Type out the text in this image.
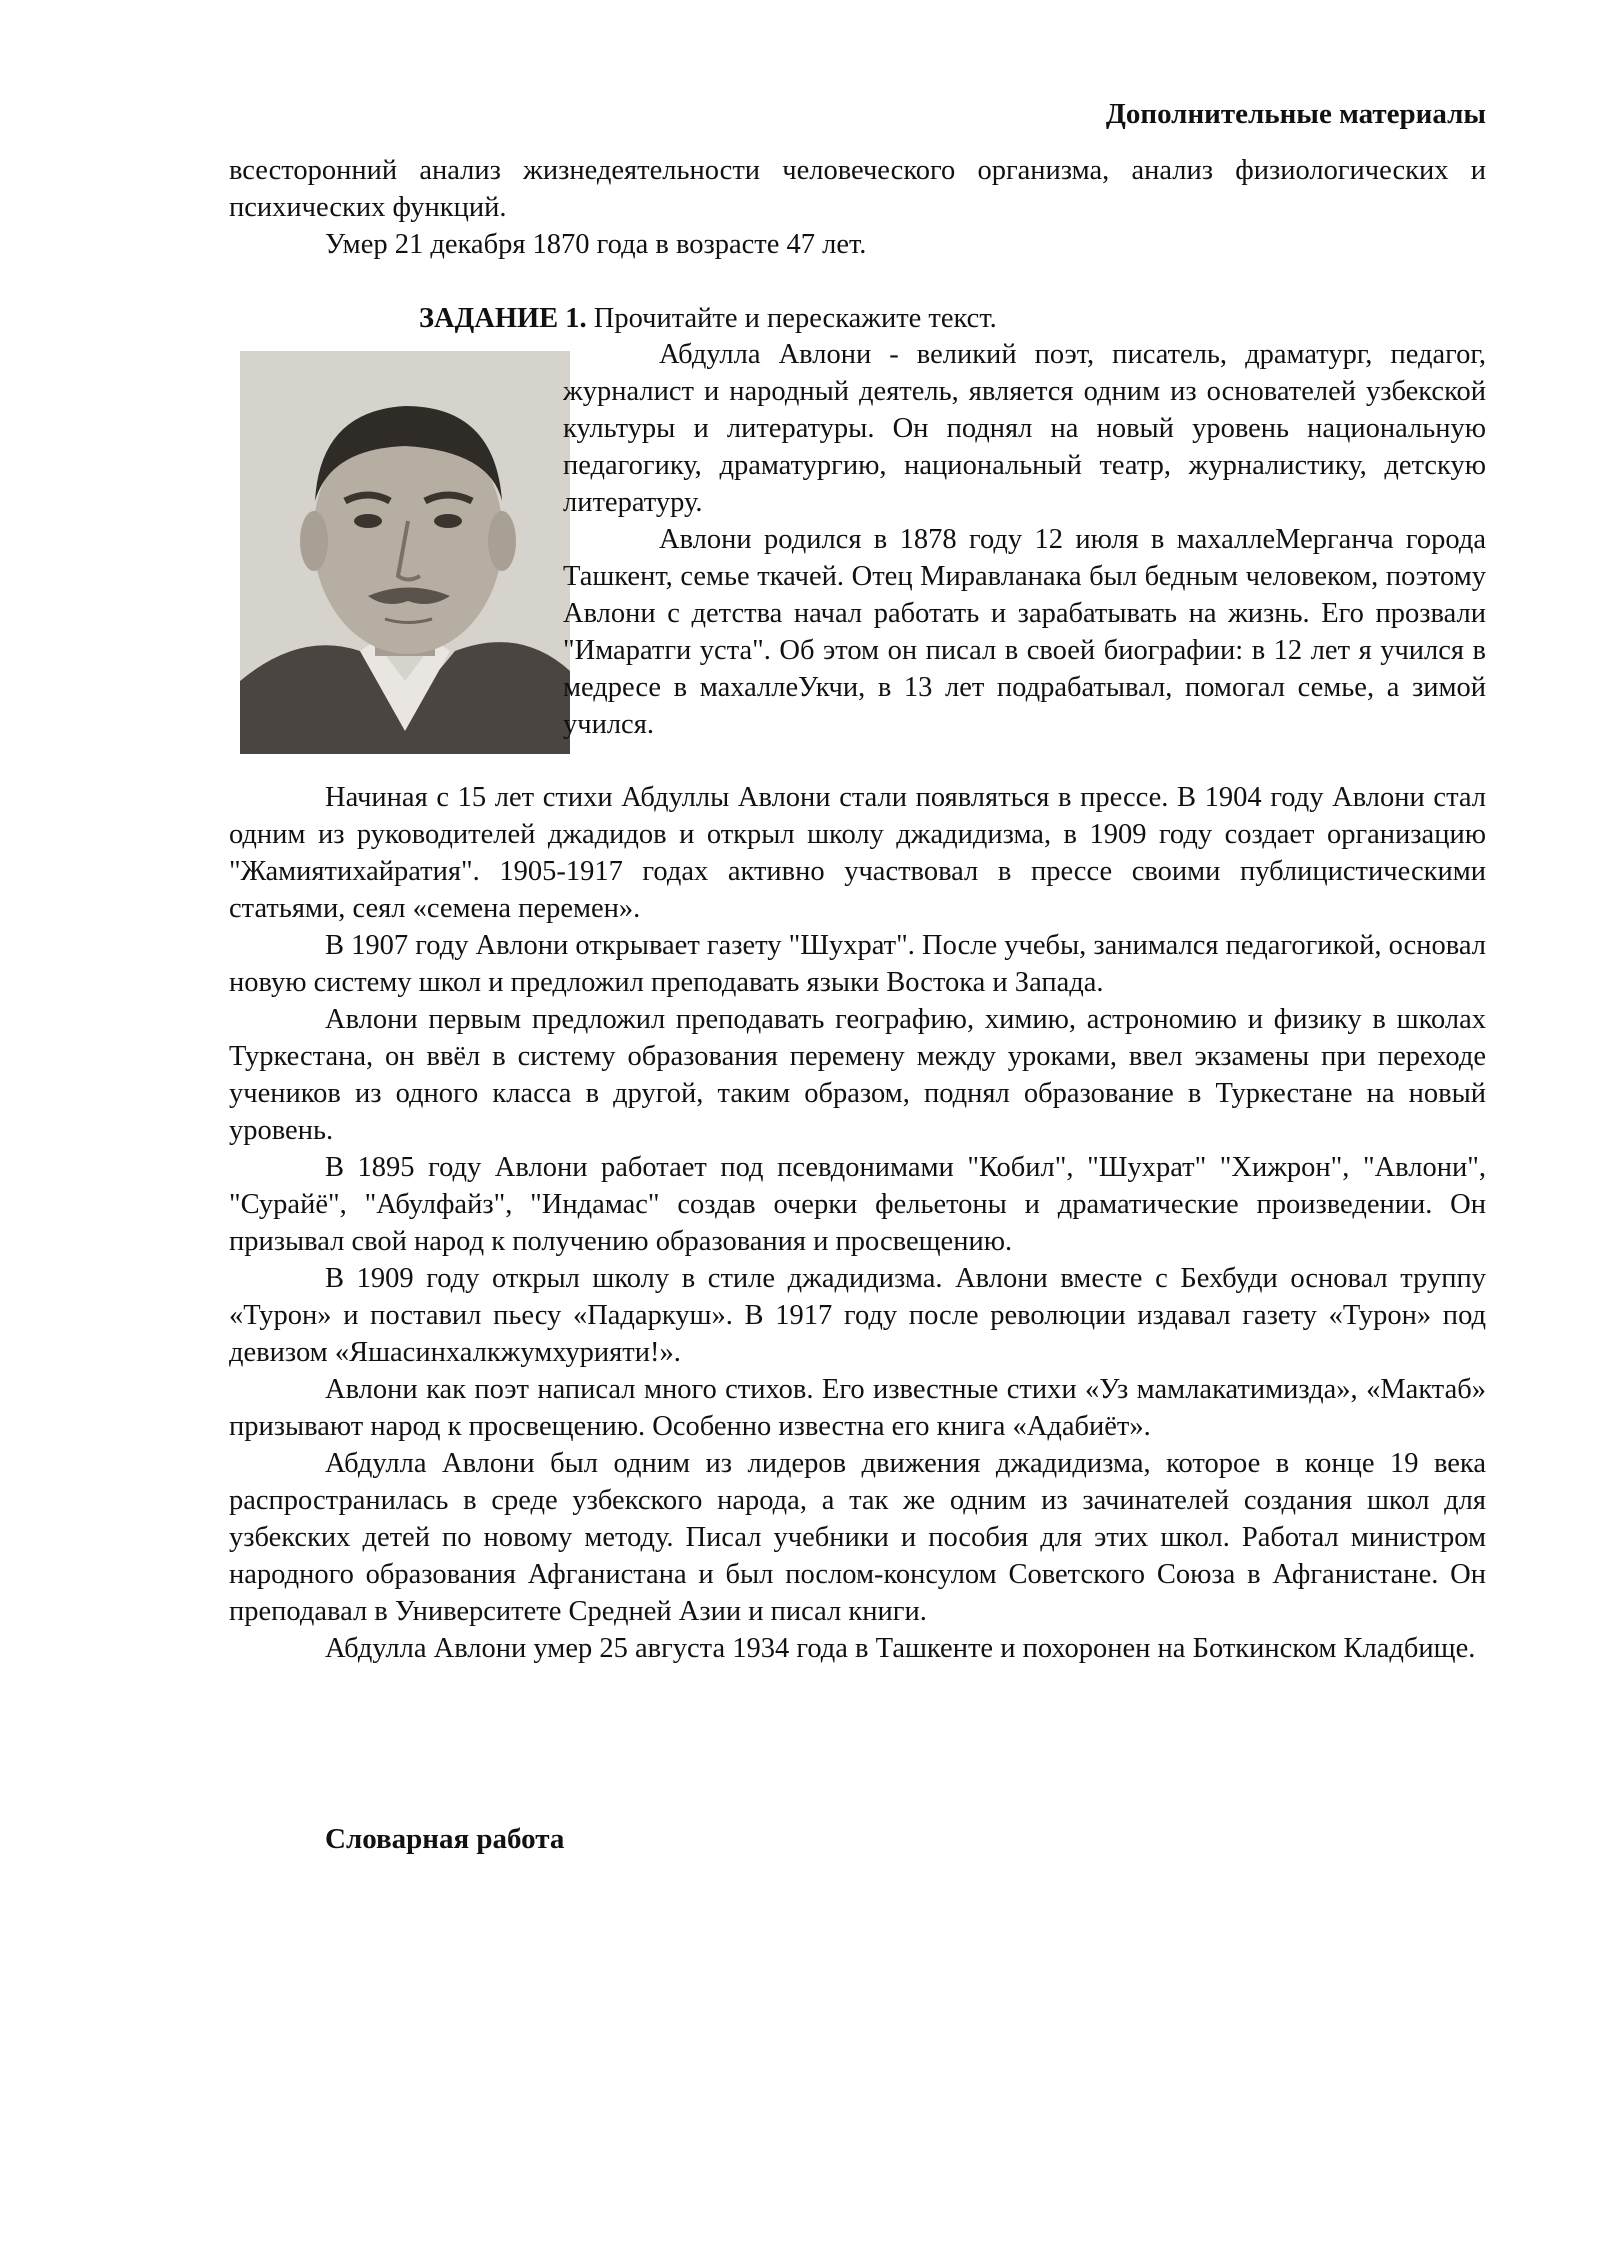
Дополнительные материалы

всесторонний анализ жизнедеятельности человеческого организма, анализ физиологических и психических функций.

Умер 21 декабря 1870 года в возрасте 47 лет.

ЗАДАНИЕ 1. Прочитайте и перескажите текст.

Абдулла Авлони - великий поэт, писатель, драматург, педагог, журналист и народный деятель, является одним из основателей узбекской культуры и литературы. Он поднял на новый уровень национальную педагогику, драматургию, национальный театр, журналистику, детскую литературу.

Авлони родился в 1878 году 12 июля в махаллеМерганча города Ташкент, семье ткачей. Отец Миравланака был бедным человеком, поэтому Авлони с детства начал работать и зарабатывать на жизнь. Его прозвали "Имаратги уста". Об этом он писал в своей биографии: в 12 лет я учился в медресе в махаллеУкчи, в 13 лет подрабатывал, помогал семье, а зимой учился.

Начиная с 15 лет стихи Абдуллы Авлони стали появляться в прессе. В 1904 году Авлони стал одним из руководителей джадидов и открыл школу джадидизма, в 1909 году создает организацию "Жамиятихайратия". 1905-1917 годах активно участвовал в прессе своими публицистическими статьями, сеял «семена перемен».

В 1907 году Авлони открывает газету "Шухрат". После учебы, занимался педагогикой, основал новую систему школ и предложил преподавать языки Востока и Запада.

Авлони первым предложил преподавать географию, химию, астрономию и физику в школах Туркестана, он ввёл в систему образования перемену между уроками, ввел экзамены при переходе учеников из одного класса в другой, таким образом, поднял образование в Туркестане на новый уровень.

В 1895 году Авлони работает под псевдонимами "Кобил", "Шухрат" "Хижрон", "Авлони", "Сурайё", "Абулфайз", "Индамас" создав очерки фельетоны и драматические произведении. Он призывал свой народ к получению образования и просвещению.

В 1909 году открыл школу в стиле джадидизма. Авлони вместе с Бехбуди основал труппу «Турон» и поставил пьесу «Падаркуш». В 1917 году после революции издавал газету «Турон» под девизом «Яшасинхалкжумхурияти!».

Авлони как поэт написал много стихов. Его известные стихи «Уз мамлакатимизда», «Мактаб» призывают народ к просвещению. Особенно известна его книга «Адабиёт».

Абдулла Авлони был одним из лидеров движения джадидизма, которое в конце 19 века распространилась в среде узбекского народа, а так же одним из зачинателей создания школ для узбекских детей по новому методу. Писал учебники и пособия для этих школ. Работал министром народного образования Афганистана и был послом-консулом Советского Союза в Афганистане. Он преподавал в Университете Средней Азии и писал книги.

Абдулла Авлони умер 25 августа 1934 года в Ташкенте и похоронен на Боткинском Кладбище.

Словарная работа
